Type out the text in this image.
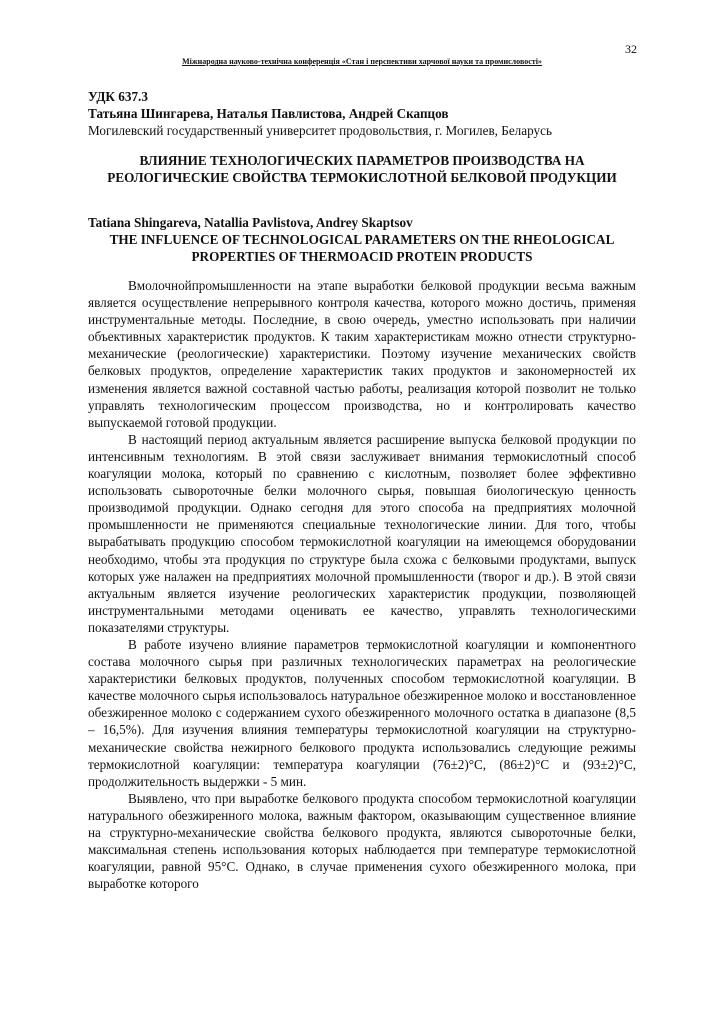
32
Міжнародна науково-технічна конференція «Стан і перспективи харчової науки та промисловості»
УДК 637.3
Татьяна Шингарева, Наталья Павлистова, Андрей Скапцов
Могилевский государственный университет продовольствия, г. Могилев, Беларусь
ВЛИЯНИЕ ТЕХНОЛОГИЧЕСКИХ ПАРАМЕТРОВ ПРОИЗВОДСТВА НА РЕОЛОГИЧЕСКИЕ СВОЙСТВА ТЕРМОКИСЛОТНОЙ БЕЛКОВОЙ ПРОДУКЦИИ
Tatiana Shingareva, Natallia Pavlistova, Andrey Skaptsov
THE INFLUENCE OF TECHNOLOGICAL PARAMETERS ON THE RHEOLOGICAL PROPERTIES OF THERMOACID PROTEIN PRODUCTS

Вмолочнойпромышленности на этапе выработки белковой продукции весьма важным является осуществление непрерывного контроля качества, которого можно достичь, применяя инструментальные методы. Последние, в свою очередь, уместно использовать при наличии объективных характеристик продуктов. К таким характеристикам можно отнести структурно-механические (реологические) характеристики. Поэтому изучение механических свойств белковых продуктов, определение характеристик таких продуктов и закономерностей их изменения является важной составной частью работы, реализация которой позволит не только управлять технологическим процессом производства, но и контролировать качество выпускаемой готовой продукции.

В настоящий период актуальным является расширение выпуска белковой продукции по интенсивным технологиям. В этой связи заслуживает внимания термокислотный способ коагуляции молока, который по сравнению с кислотным, позволяет более эффективно использовать сывороточные белки молочного сырья, повышая биологическую ценность производимой продукции. Однако сегодня для этого способа на предприятиях молочной промышленности не применяются специальные технологические линии. Для того, чтобы вырабатывать продукцию способом термокислотной коагуляции на имеющемся оборудовании необходимо, чтобы эта продукция по структуре была схожа с белковыми продуктами, выпуск которых уже налажен на предприятиях молочной промышленности (творог и др.). В этой связи актуальным является изучение реологических характеристик продукции, позволяющей инструментальными методами оценивать ее качество, управлять технологическими показателями структуры.

В работе изучено влияние параметров термокислотной коагуляции и компонентного состава молочного сырья при различных технологических параметрах на реологические характеристики белковых продуктов, полученных способом термокислотной коагуляции. В качестве молочного сырья использовалось натуральное обезжиренное молоко и восстановленное обезжиренное молоко с содержанием сухого обезжиренного молочного остатка в диапазоне (8,5 – 16,5%). Для изучения влияния температуры термокислотной коагуляции на структурно-механические свойства нежирного белкового продукта использовались следующие режимы термокислотной коагуляции: температура коагуляции (76±2)°С, (86±2)°С и (93±2)°С, продолжительность выдержки - 5 мин.

Выявлено, что при выработке белкового продукта способом термокислотной коагуляции натурального обезжиренного молока, важным фактором, оказывающим существенное влияние на структурно-механические свойства белкового продукта, являются сывороточные белки, максимальная степень использования которых наблюдается при температуре термокислотной коагуляции, равной 95°С. Однако, в случае применения сухого обезжиренного молока, при выработке которого
